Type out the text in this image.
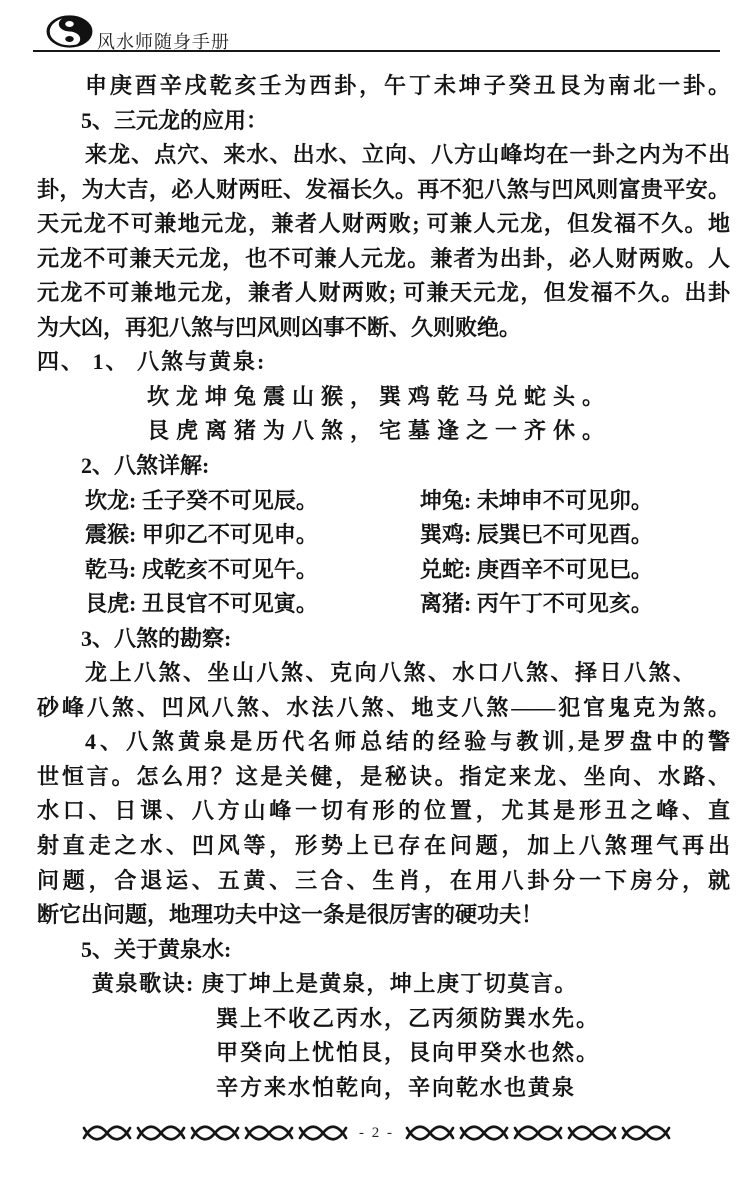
风水师随身手册
申庚酉辛戌乾亥壬为西卦，午丁未坤子癸丑艮为南北一卦。
5、三元龙的应用：
来龙、点穴、来水、出水、立向、八方山峰均在一卦之内为不出
卦，为大吉，必人财两旺、发福长久。再不犯八煞与凹风则富贵平安。
天元龙不可兼地元龙，兼者人财两败; 可兼人元龙，但发福不久。地
元龙不可兼天元龙，也不可兼人元龙。兼者为出卦，必人财两败。人
元龙不可兼地元龙，兼者人财两败; 可兼天元龙，但发福不久。出卦
为大凶，再犯八煞与凹风则凶事不断、久则败绝。
四、 1、 八煞与黄泉:
坎龙坤兔震山猴，巽鸡乾马兑蛇头。
艮虎离猪为八煞，宅墓逢之一齐休。
2、八煞详解:
坎龙: 壬子癸不可见辰。	坤兔: 未坤申不可见卯。
震猴: 甲卯乙不可见申。	巽鸡: 辰巽巳不可见酉。
乾马: 戌乾亥不可见午。	兑蛇: 庚酉辛不可见巳。
艮虎: 丑艮官不可见寅。	离猪: 丙午丁不可见亥。
3、八煞的勘察:
龙上八煞、坐山八煞、克向八煞、水口八煞、择日八煞、
砂峰八煞、凹风八煞、水法八煞、地支八煞——犯官鬼克为煞。
4、八煞黄泉是历代名师总结的经验与教训,是罗盘中的警
世恒言。怎么用？这是关健，是秘诀。指定来龙、坐向、水路、
水口、日课、八方山峰一切有形的位置，尤其是形丑之峰、直
射直走之水、凹风等，形势上已存在问题，加上八煞理气再出
问题，合退运、五黄、三合、生肖，在用八卦分一下房分，就
断它出问题，地理功夫中这一条是很厉害的硬功夫！
5、关于黄泉水:
黄泉歌诀: 庚丁坤上是黄泉，坤上庚丁切莫言。
巽上不收乙丙水，乙丙须防巽水先。
甲癸向上忧怕艮，艮向甲癸水也然。
辛方来水怕乾向，辛向乾水也黄泉
- 2 -
